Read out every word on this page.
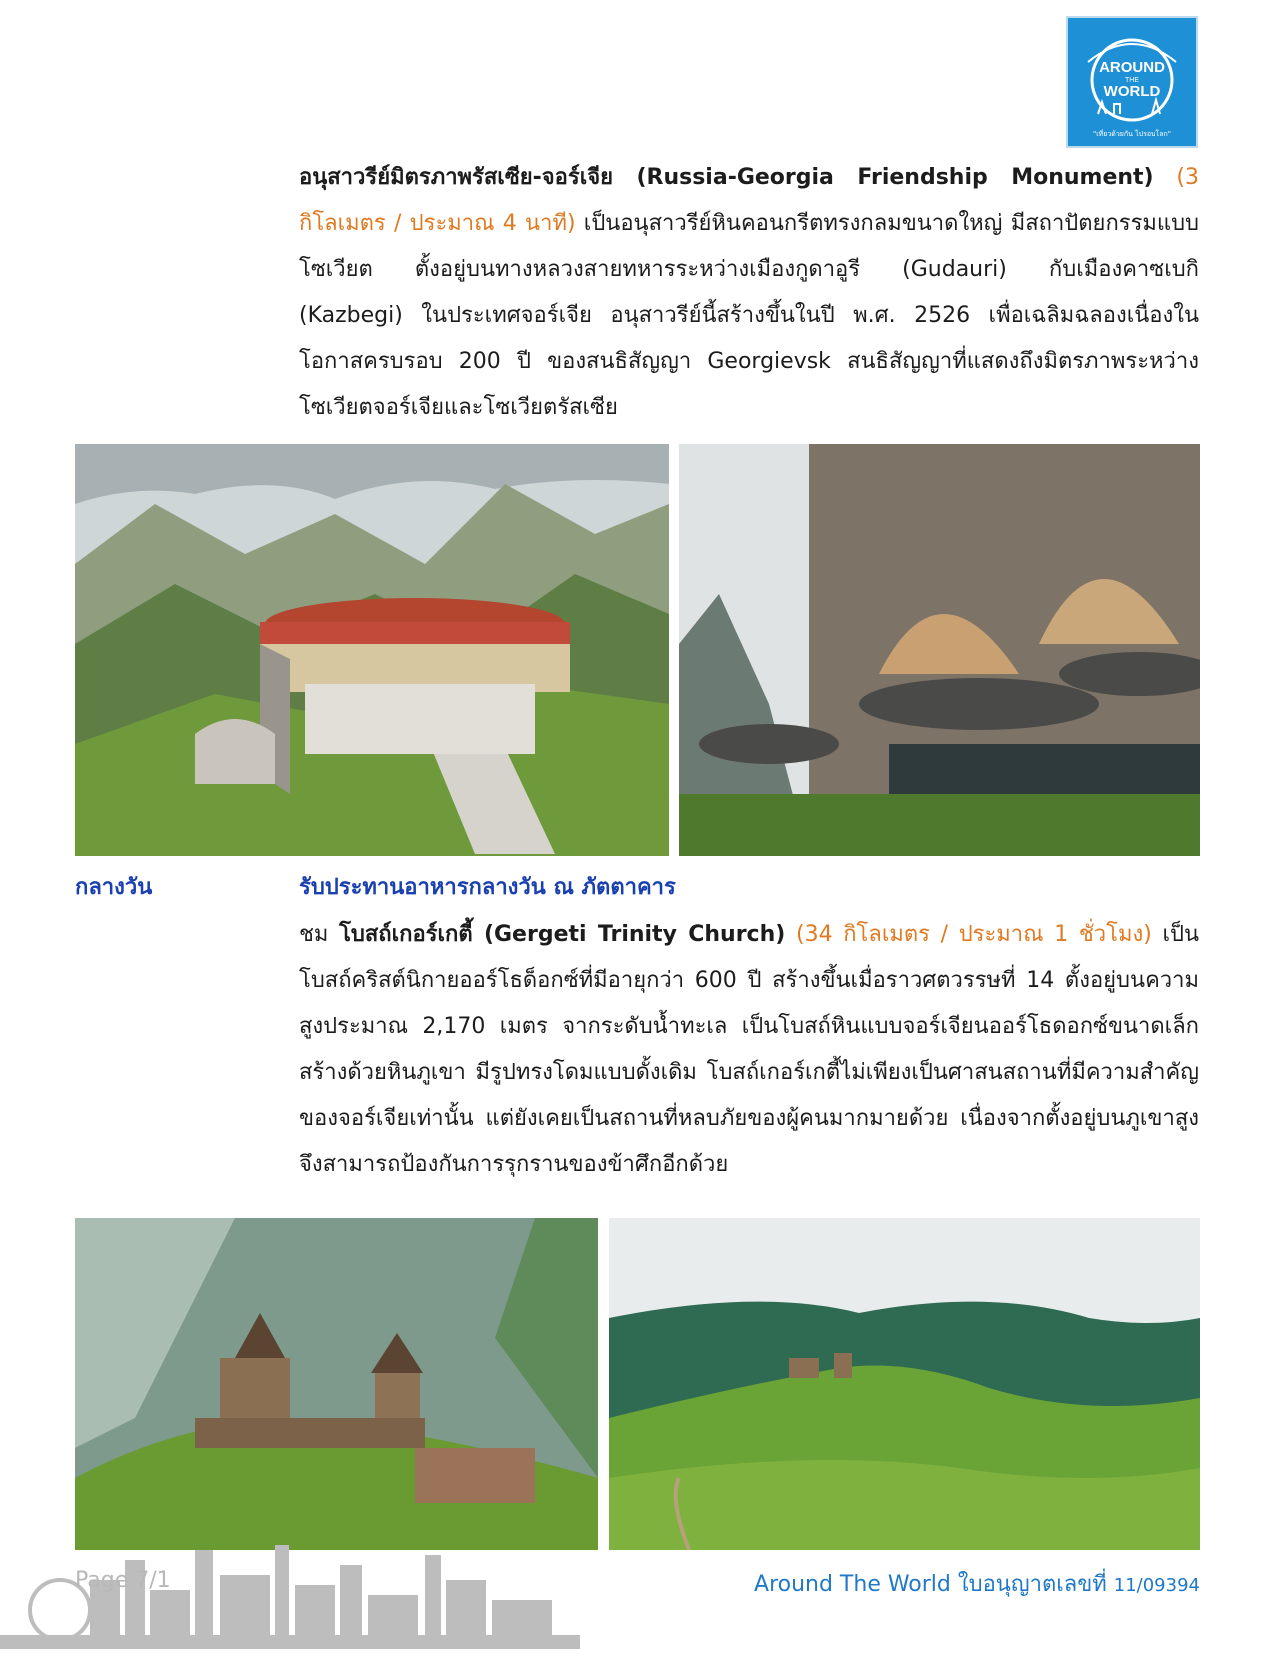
AROUND
THE
WORLD
"เที่ยวด้วยกัน ไปรอบโลก"
อนุสาวรีย์มิตรภาพรัสเซีย-จอร์เจีย (Russia-Georgia Friendship Monument) (3 กิโลเมตร / ประมาณ 4 นาที) เป็นอนุสาวรีย์หินคอนกรีตทรงกลมขนาดใหญ่ มีสถาปัตยกรรมแบบโซเวียต ตั้งอยู่บนทางหลวงสายทหารระหว่างเมืองกูดาอูรี (Gudauri) กับเมืองคาซเบกิ (Kazbegi) ในประเทศจอร์เจีย อนุสาวรีย์นี้สร้างขึ้นในปี พ.ศ. 2526 เพื่อเฉลิมฉลองเนื่องในโอกาสครบรอบ 200 ปี ของสนธิสัญญา Georgievsk สนธิสัญญาที่แสดงถึงมิตรภาพระหว่างโซเวียตจอร์เจียและโซเวียตรัสเซีย
กลางวัน	รับประทานอาหารกลางวัน ณ ภัตตาคาร
ชม โบสถ์เกอร์เกตี้ (Gergeti Trinity Church) (34 กิโลเมตร / ประมาณ 1 ชั่วโมง) เป็นโบสถ์คริสต์นิกายออร์โธด็อกซ์ที่มีอายุกว่า 600 ปี สร้างขึ้นเมื่อราวศตวรรษที่ 14 ตั้งอยู่บนความสูงประมาณ 2,170 เมตร จากระดับน้ำทะเล เป็นโบสถ์หินแบบจอร์เจียนออร์โธดอกซ์ขนาดเล็ก สร้างด้วยหินภูเขา มีรูปทรงโดมแบบดั้งเดิม โบสถ์เกอร์เกตี้ไม่เพียงเป็นศาสนสถานที่มีความสำคัญของจอร์เจียเท่านั้น แต่ยังเคยเป็นสถานที่หลบภัยของผู้คนมากมายด้วย เนื่องจากตั้งอยู่บนภูเขาสูง จึงสามารถป้องกันการรุกรานของข้าศึกอีกด้วย
Page 7/1	Around The World ใบอนุญาตเลขที่ 11/09394
